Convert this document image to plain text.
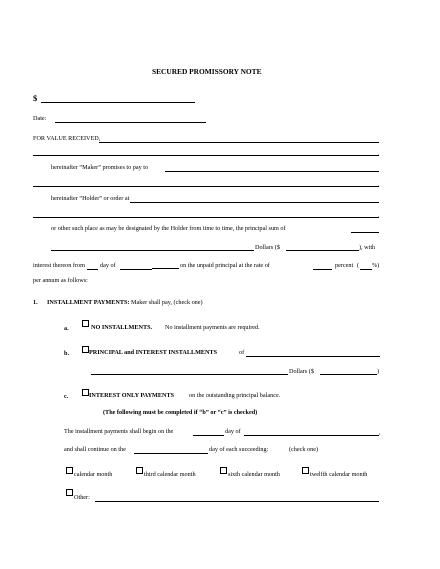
SECURED PROMISSORY NOTE
$
Date:
FOR VALUE RECEIVED,
,
hereinafter “Maker” promises to pay to
,
hereinafter “Holder” or order at
,
or other such place as may be designated by the Holder from time to time, the principal sum of
Dollars ($	), with
interest thereon from day of	on the unpaid principal at the rate of	percent ( %)
per annum as follows:
1. INSTALLMENT PAYMENTS: Maker shall pay, (check one)
a.	NO INSTALLMENTS. No installment payments are required.
b.	PRINCIPAL and INTEREST INSTALLMENTS	of
Dollars ($	)
c.	INTEREST ONLY PAYMENTS on the outstanding principal balance.
(The following must be completed if “b” or “c” is checked)
The installment payments shall begin on the	day of	,
and shall continue on the	day of each succeeding:	(check one)
calendar month	third calendar month	sixth calendar month	twelfth calendar month
Other:
